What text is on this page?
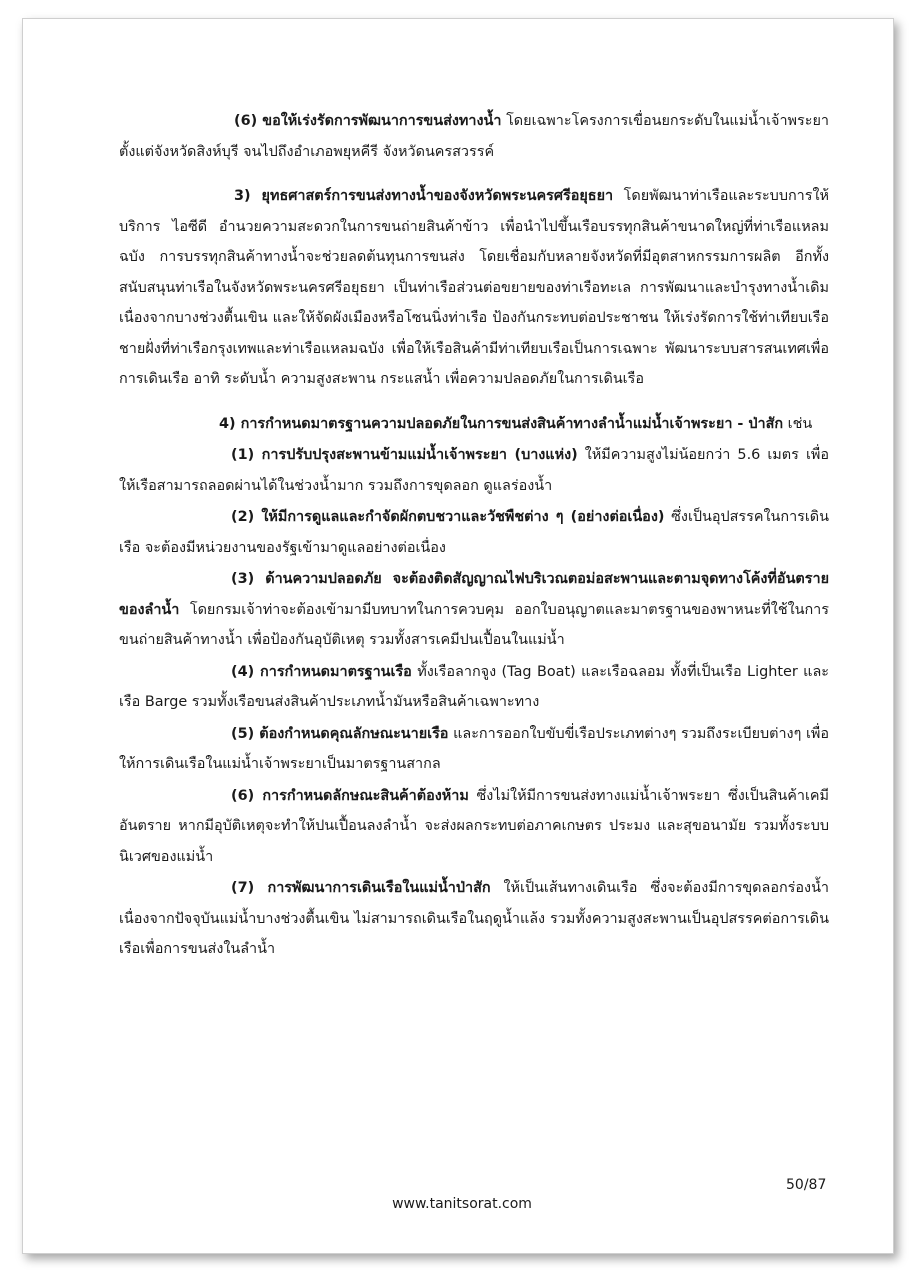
(6) ขอให้เร่งรัดการพัฒนาการขนส่งทางน้ำ โดยเฉพาะโครงการเขื่อนยกระดับในแม่น้ำเจ้าพระยา ตั้งแต่จังหวัดสิงห์บุรี จนไปถึงอำเภอพยุหคีรี จังหวัดนครสวรรค์

3) ยุทธศาสตร์การขนส่งทางน้ำของจังหวัดพระนครศรีอยุธยา โดยพัฒนาท่าเรือและระบบการให้บริการ ไอซีดี อำนวยความสะดวกในการขนถ่ายสินค้าข้าว เพื่อนำไปขึ้นเรือบรรทุกสินค้าขนาดใหญ่ที่ท่าเรือแหลมฉบัง การบรรทุกสินค้าทางน้ำจะช่วยลดต้นทุนการขนส่ง โดยเชื่อมกับหลายจังหวัดที่มีอุตสาหกรรมการผลิต อีกทั้งสนับสนุนท่าเรือในจังหวัดพระนครศรีอยุธยา เป็นท่าเรือส่วนต่อขยายของท่าเรือทะเล การพัฒนาและบำรุงทางน้ำเดิม เนื่องจากบางช่วงตื้นเขิน และให้จัดผังเมืองหรือโซนนิ่งท่าเรือ ป้องกันกระทบต่อประชาชน ให้เร่งรัดการใช้ท่าเทียบเรือชายฝั่งที่ท่าเรือกรุงเทพและท่าเรือแหลมฉบัง เพื่อให้เรือสินค้ามีท่าเทียบเรือเป็นการเฉพาะ พัฒนาระบบสารสนเทศเพื่อการเดินเรือ อาทิ ระดับน้ำ ความสูงสะพาน กระแสน้ำ เพื่อความปลอดภัยในการเดินเรือ

4) การกำหนดมาตรฐานความปลอดภัยในการขนส่งสินค้าทางลำน้ำแม่น้ำเจ้าพระยา - ป่าสัก เช่น

(1) การปรับปรุงสะพานข้ามแม่น้ำเจ้าพระยา (บางแห่ง) ให้มีความสูงไม่น้อยกว่า 5.6 เมตร เพื่อให้เรือสามารถลอดผ่านได้ในช่วงน้ำมาก รวมถึงการขุดลอก ดูแลร่องน้ำ

(2) ให้มีการดูแลและกำจัดผักตบชวาและวัชพืชต่าง ๆ (อย่างต่อเนื่อง) ซึ่งเป็นอุปสรรคในการเดินเรือ จะต้องมีหน่วยงานของรัฐเข้ามาดูแลอย่างต่อเนื่อง

(3) ด้านความปลอดภัย จะต้องติดสัญญาณไฟบริเวณตอม่อสะพานและตามจุดทางโค้งที่อันตรายของลำน้ำ โดยกรมเจ้าท่าจะต้องเข้ามามีบทบาทในการควบคุม ออกใบอนุญาตและมาตรฐานของพาหนะที่ใช้ในการขนถ่ายสินค้าทางน้ำ เพื่อป้องกันอุบัติเหตุ รวมทั้งสารเคมีปนเปื้อนในแม่น้ำ

(4) การกำหนดมาตรฐานเรือ ทั้งเรือลากจูง (Tag Boat) และเรือฉลอม ทั้งที่เป็นเรือ Lighter และเรือ Barge รวมทั้งเรือขนส่งสินค้าประเภทน้ำมันหรือสินค้าเฉพาะทาง

(5) ต้องกำหนดคุณลักษณะนายเรือ และการออกใบขับขี่เรือประเภทต่างๆ รวมถึงระเบียบต่างๆ เพื่อให้การเดินเรือในแม่น้ำเจ้าพระยาเป็นมาตรฐานสากล

(6) การกำหนดลักษณะสินค้าต้องห้าม ซึ่งไม่ให้มีการขนส่งทางแม่น้ำเจ้าพระยา ซึ่งเป็นสินค้าเคมีอันตราย หากมีอุบัติเหตุจะทำให้ปนเปื้อนลงลำน้ำ จะส่งผลกระทบต่อภาคเกษตร ประมง และสุขอนามัย รวมทั้งระบบนิเวศของแม่น้ำ

(7) การพัฒนาการเดินเรือในแม่น้ำป่าสัก ให้เป็นเส้นทางเดินเรือ ซึ่งจะต้องมีการขุดลอกร่องน้ำ เนื่องจากปัจจุบันแม่น้ำบางช่วงตื้นเขิน ไม่สามารถเดินเรือในฤดูน้ำแล้ง รวมทั้งความสูงสะพานเป็นอุปสรรคต่อการเดินเรือเพื่อการขนส่งในลำน้ำ

50/87
www.tanitsorat.com
